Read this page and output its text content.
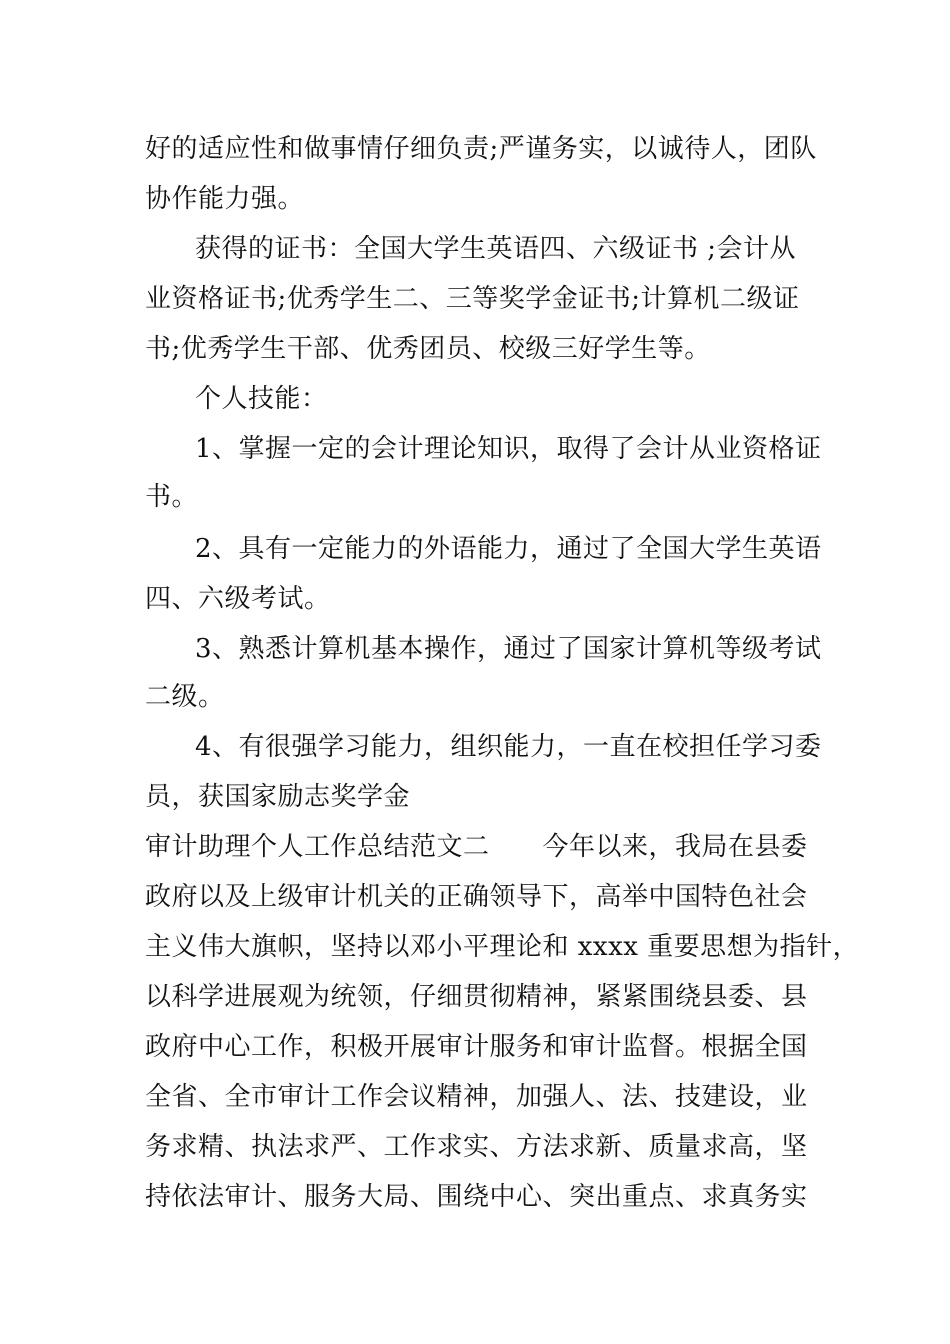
好的适应性和做事情仔细负责;严谨务实，以诚待人，团队
协作能力强。
获得的证书：全国大学生英语四、六级证书 ;会计从
业资格证书;优秀学生二、三等奖学金证书;计算机二级证
书;优秀学生干部、优秀团员、校级三好学生等。
个人技能：
1、掌握一定的会计理论知识，取得了会计从业资格证
书。
2、具有一定能力的外语能力，通过了全国大学生英语
四、六级考试。
3、熟悉计算机基本操作，通过了国家计算机等级考试
二级。
4、有很强学习能力，组织能力，一直在校担任学习委
员，获国家励志奖学金
审计助理个人工作总结范文二　　今年以来，我局在县委
政府以及上级审计机关的正确领导下，高举中国特色社会
主义伟大旗帜，坚持以邓小平理论和 xxxx 重要思想为指针，
以科学进展观为统领，仔细贯彻精神，紧紧围绕县委、县
政府中心工作，积极开展审计服务和审计监督。根据全国
全省、全市审计工作会议精神，加强人、法、技建设，业
务求精、执法求严、工作求实、方法求新、质量求高，坚
持依法审计、服务大局、围绕中心、突出重点、求真务实
